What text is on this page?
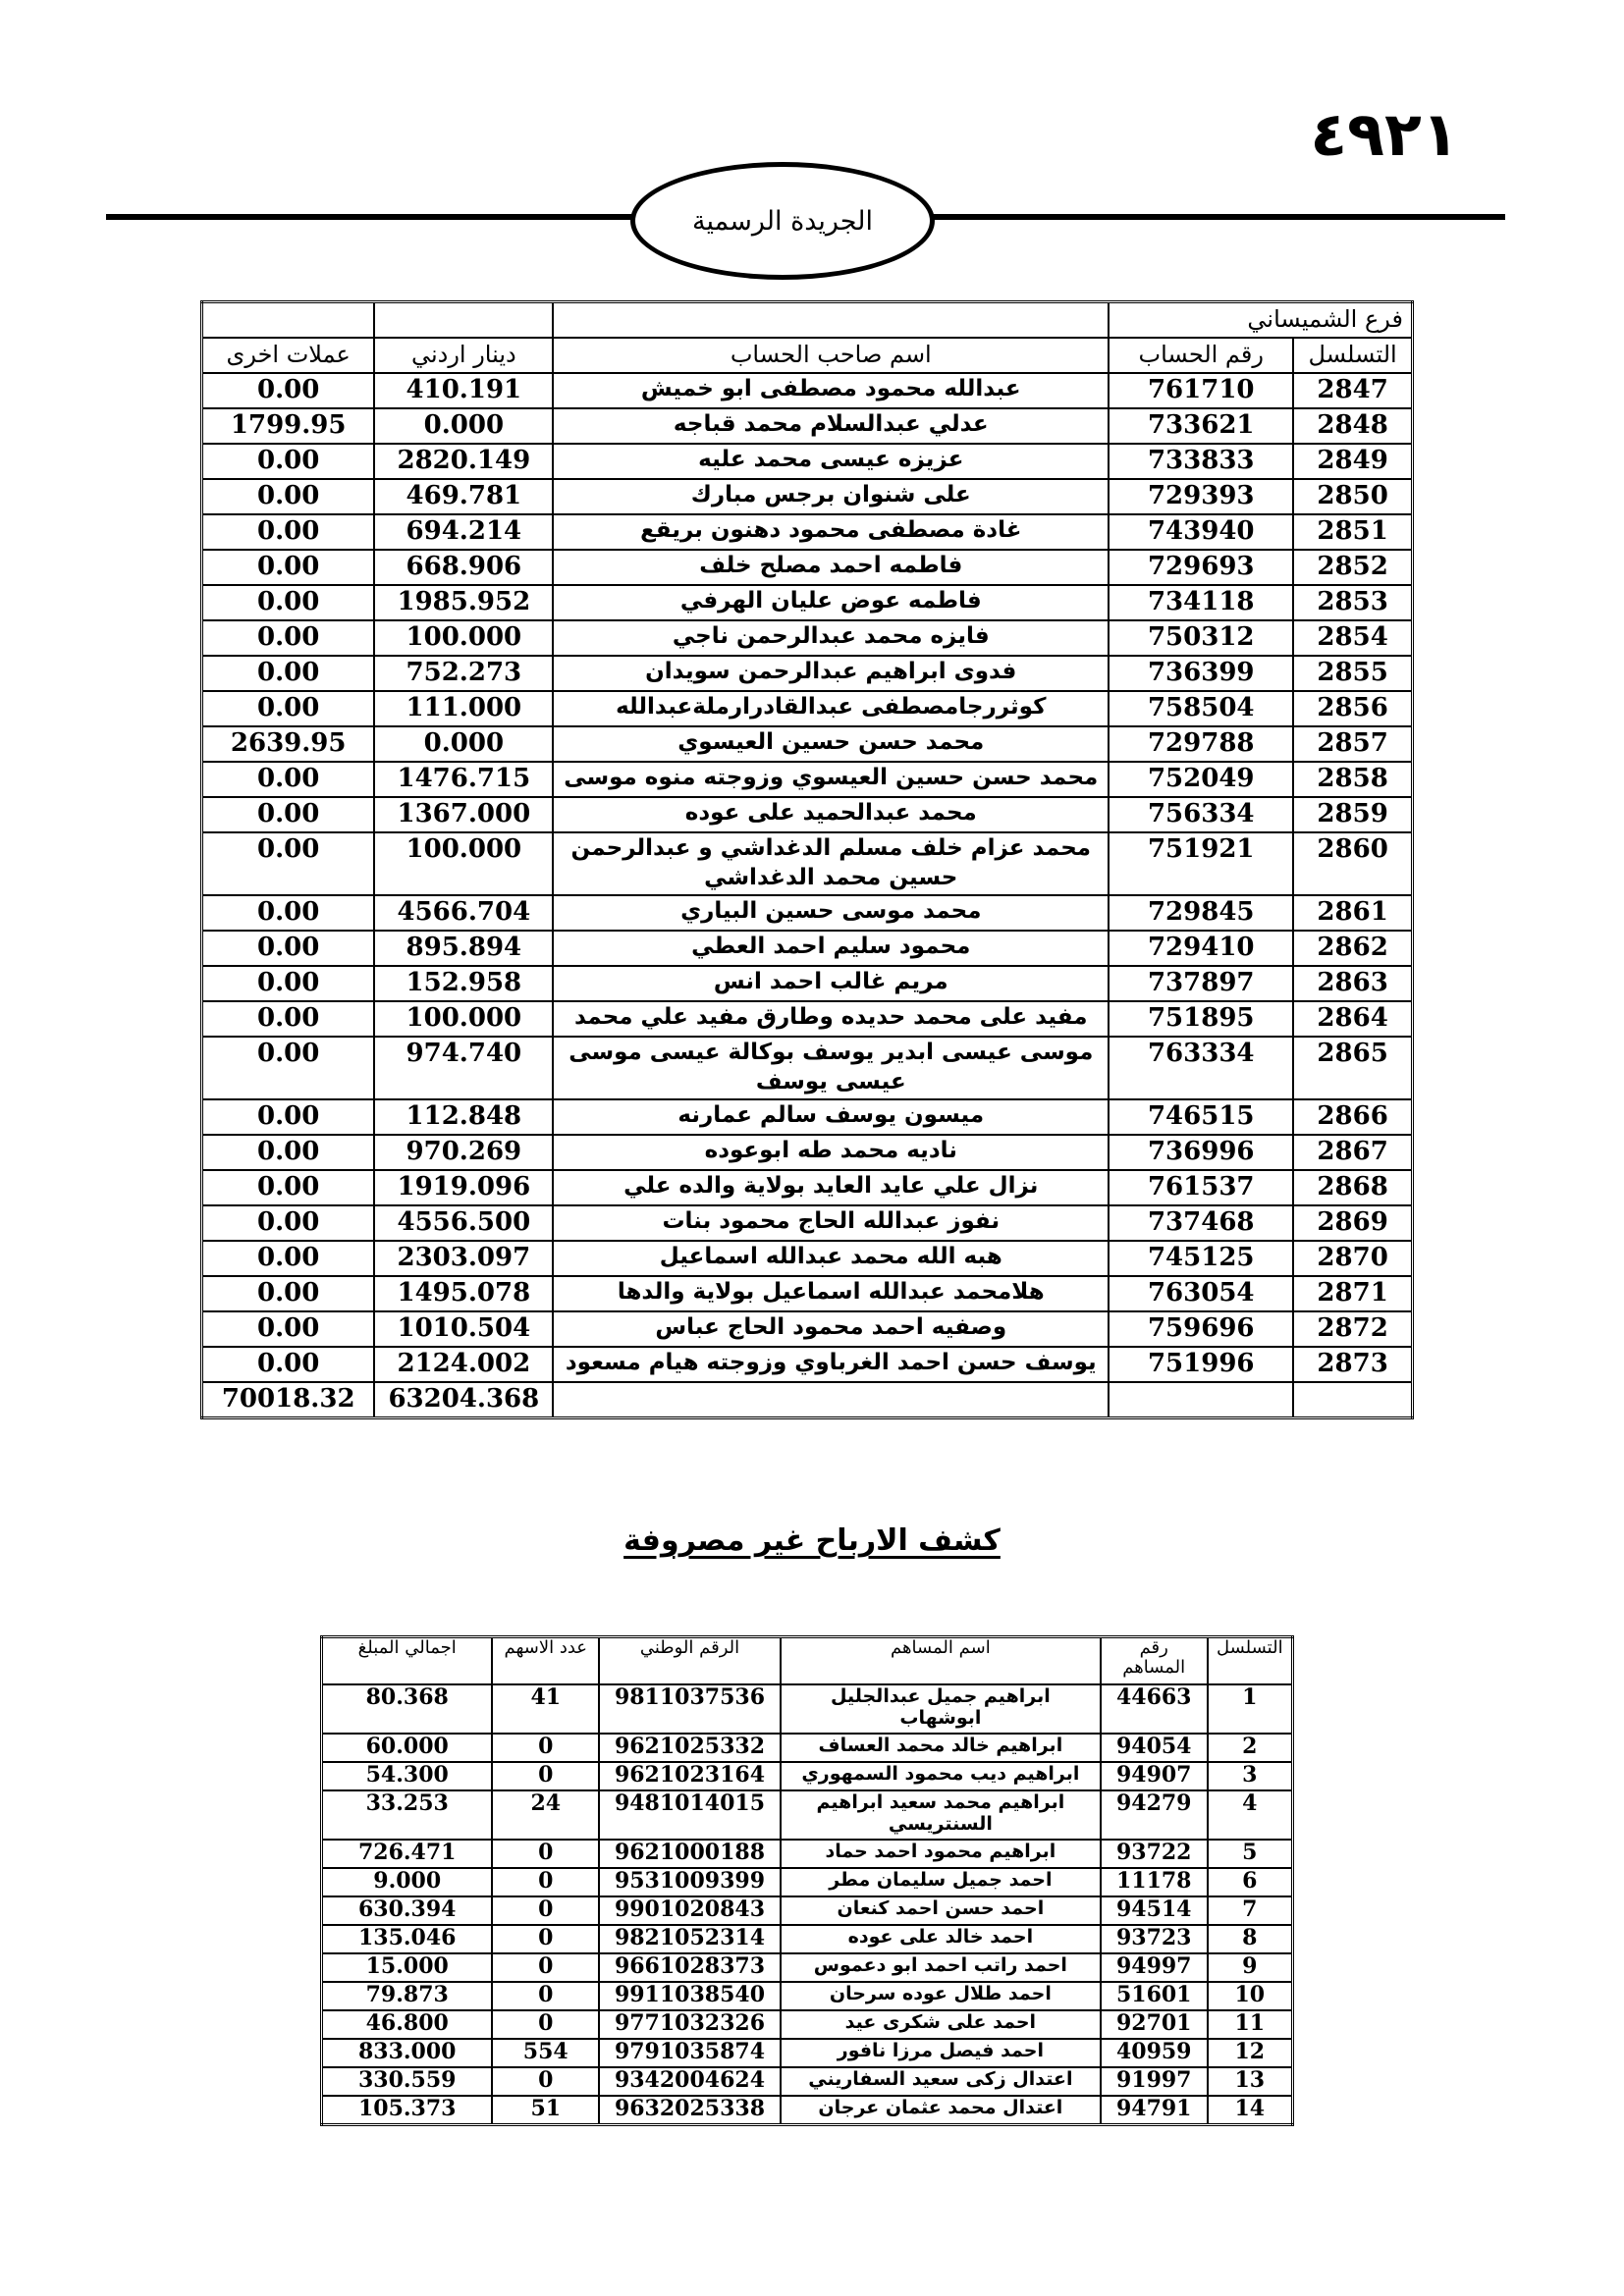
٤٩٢١
الجريدة الرسمية
فرع الشميساني				
التسلسل	رقم الحساب	اسم صاحب الحساب	دينار اردني	عملات اخرى
2847	761710	عبدالله محمود مصطفى ابو خميش	410.191	0.00
2848	733621	عدلي عبدالسلام محمد قباجه	0.000	1799.95
2849	733833	عزيزه عيسى محمد عليه	2820.149	0.00
2850	729393	على شنوان برجس مبارك	469.781	0.00
2851	743940	غادة مصطفى محمود دهنون بريقع	694.214	0.00
2852	729693	فاطمه احمد مصلح خلف	668.906	0.00
2853	734118	فاطمه عوض عليان الهرفي	1985.952	0.00
2854	750312	فايزه محمد عبدالرحمن ناجي	100.000	0.00
2855	736399	فدوى ابراهيم عبدالرحمن سويدان	752.273	0.00
2856	758504	كوثررجامصطفى عبدالقادرارملةعبدالله	111.000	0.00
2857	729788	محمد حسن حسين العيسوي	0.000	2639.95
2858	752049	محمد حسن حسين العيسوي وزوجته منوه موسى	1476.715	0.00
2859	756334	محمد عبدالحميد على عوده	1367.000	0.00
2860	751921	محمد عزام خلف مسلم الدغداشي و عبدالرحمن حسين محمد الدغداشي	100.000	0.00
2861	729845	محمد موسى حسين البياري	4566.704	0.00
2862	729410	محمود سليم احمد العطي	895.894	0.00
2863	737897	مريم غالب احمد انس	152.958	0.00
2864	751895	مفيد على محمد حديده وطارق مفيد علي محمد	100.000	0.00
2865	763334	موسى عيسى ابدير يوسف بوكالة عيسى موسى عيسى يوسف	974.740	0.00
2866	746515	ميسون يوسف سالم عمارنه	112.848	0.00
2867	736996	ناديه محمد طه ابوعوده	970.269	0.00
2868	761537	نزال علي عايد العايد بولاية والده علي	1919.096	0.00
2869	737468	نفوز عبدالله الحاج محمود بنات	4556.500	0.00
2870	745125	هبه الله محمد عبدالله اسماعيل	2303.097	0.00
2871	763054	هلامحمد عبدالله اسماعيل بولاية والدها	1495.078	0.00
2872	759696	وصفيه احمد محمود الحاج عباس	1010.504	0.00
2873	751996	يوسف حسن احمد الغرباوي وزوجته هيام مسعود	2124.002	0.00
			63204.368	70018.32
كشف الارباح غير مصروفة
التسلسل	رقم المساهم	اسم المساهم	الرقم الوطني	عدد الاسهم	اجمالي المبلغ
1	44663	ابراهيم جميل عبدالجليل ابوشهاب	9811037536	41	80.368
2	94054	ابراهيم خالد محمد العساف	9621025332	0	60.000
3	94907	ابراهيم ديب محمود السمهوري	9621023164	0	54.300
4	94279	ابراهيم محمد سعيد ابراهيم السنتريسي	9481014015	24	33.253
5	93722	ابراهيم محمود احمد حماد	9621000188	0	726.471
6	11178	احمد جميل سليمان مطر	9531009399	0	9.000
7	94514	احمد حسن احمد كنعان	9901020843	0	630.394
8	93723	احمد خالد على عوده	9821052314	0	135.046
9	94997	احمد راتب احمد ابو دعموس	9661028373	0	15.000
10	51601	احمد طلال عوده سرحان	9911038540	0	79.873
11	92701	احمد على شكرى عيد	9771032326	0	46.800
12	40959	احمد فيصل مرزا نافور	9791035874	554	833.000
13	91997	اعتدال زكى سعيد السفاريني	9342004624	0	330.559
14	94791	اعتدال محمد عثمان عرجان	9632025338	51	105.373
